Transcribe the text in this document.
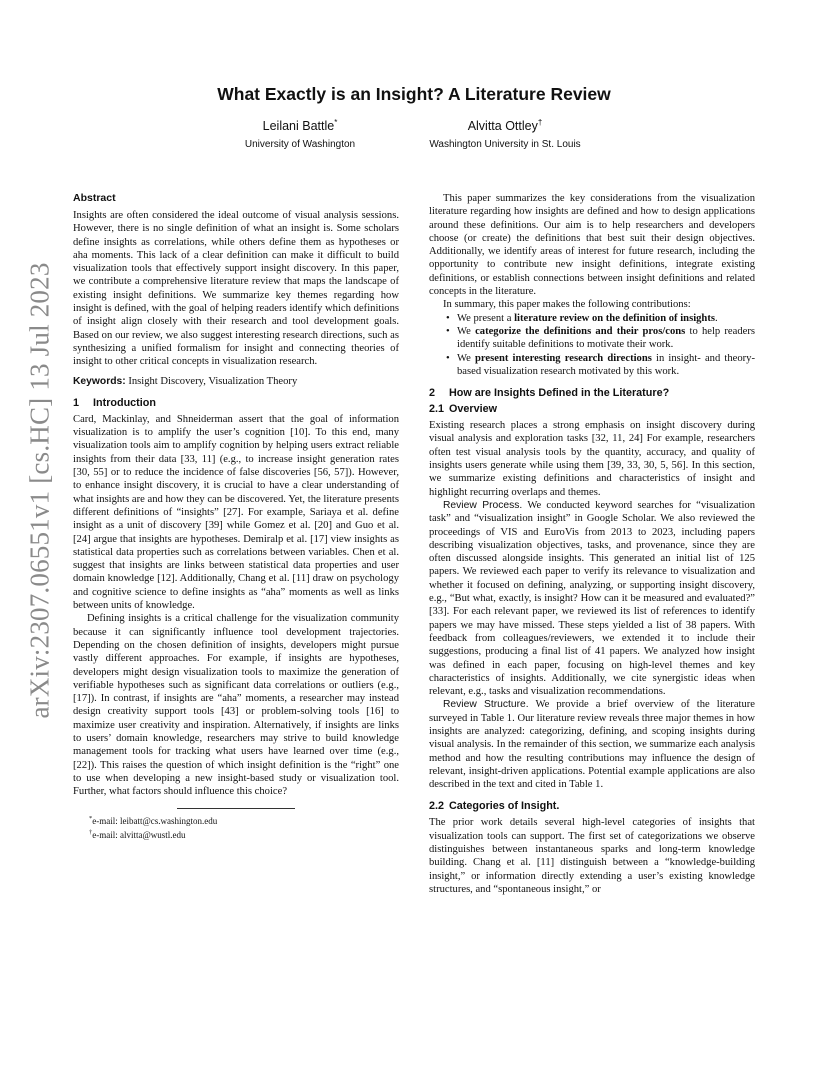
arXiv:2307.06551v1 [cs.HC] 13 Jul 2023
What Exactly is an Insight? A Literature Review
Leilani Battle*
University of Washington
Alvitta Ottley†
Washington University in St. Louis
Abstract

Insights are often considered the ideal outcome of visual analysis sessions. However, there is no single definition of what an insight is. Some scholars define insights as correlations, while others define them as hypotheses or aha moments. This lack of a clear definition can make it difficult to build visualization tools that effectively support insight discovery. In this paper, we contribute a comprehensive literature review that maps the landscape of existing insight definitions. We summarize key themes regarding how insight is defined, with the goal of helping readers identify which definitions of insight align closely with their research and tool development goals. Based on our review, we also suggest interesting research directions, such as synthesizing a unified formalism for insight and connecting theories of insight to other critical concepts in visualization research.

Keywords: Insight Discovery, Visualization Theory

1 Introduction

Card, Mackinlay, and Shneiderman assert that the goal of information visualization is to amplify the user’s cognition [10]. To this end, many visualization tools aim to amplify cognition by helping users extract reliable insights from their data [33, 11] (e.g., to increase insight generation rates [30, 55] or to reduce the incidence of false discoveries [56, 57]). However, to enhance insight discovery, it is crucial to have a clear understanding of what insights are and how they can be discovered. Yet, the literature presents different definitions of “insights” [27]. For example, Sariaya et al. define insight as a unit of discovery [39] while Gomez et al. [20] and Guo et al. [24] argue that insights are hypotheses. Demiralp et al. [17] view insights as statistical data properties such as correlations between variables. Chen et al. suggest that insights are links between statistical data properties and user domain knowledge [12]. Additionally, Chang et al. [11] draw on psychology and cognitive science to define insights as “aha” moments as well as links between units of knowledge.

Defining insights is a critical challenge for the visualization community because it can significantly influence tool development trajectories. Depending on the chosen definition of insights, developers might pursue vastly different approaches. For example, if insights are hypotheses, developers might design visualization tools to maximize the generation of verifiable hypotheses such as significant data correlations or outliers (e.g., [17]). In contrast, if insights are “aha” moments, a researcher may instead design creativity support tools [43] or problem-solving tools [16] to maximize user creativity and inspiration. Alternatively, if insights are links to users’ domain knowledge, researchers may strive to build knowledge management tools for tracking what users have learned over time (e.g., [22]). This raises the question of which insight definition is the “right” one to use when developing a new insight-based study or visualization tool. Further, what factors should influence this choice?

*e-mail: leibatt@cs.washington.edu
†e-mail: alvitta@wustl.edu

This paper summarizes the key considerations from the visualization literature regarding how insights are defined and how to design applications around these definitions. Our aim is to help researchers and developers choose (or create) the definitions that best suit their design objectives. Additionally, we identify areas of interest for future research, including the opportunity to contribute new insight definitions, integrate existing definitions, or establish connections between insight definitions and related concepts in the literature.

In summary, this paper makes the following contributions:

• We present a literature review on the definition of insights.
• We categorize the definitions and their pros/cons to help readers identify suitable definitions to motivate their work.
• We present interesting research directions in insight- and theory-based visualization research motivated by this work.
2 How are Insights Defined in the Literature?
2.1 Overview

Existing research places a strong emphasis on insight discovery during visual analysis and exploration tasks [32, 11, 24] For example, researchers often test visual analysis tools by the quantity, accuracy, and quality of insights users generate while using them [39, 33, 30, 5, 56]. In this section, we summarize existing definitions and characteristics of insight and highlight recurring overlaps and themes.

Review Process. We conducted keyword searches for “visualization task” and “visualization insight” in Google Scholar. We also reviewed the proceedings of VIS and EuroVis from 2013 to 2023, including papers describing visualization objectives, tasks, and provenance, since they are often discussed alongside insights. This generated an initial list of 125 papers. We reviewed each paper to verify its relevance to visualization and whether it focused on defining, analyzing, or supporting insight discovery, e.g., “But what, exactly, is insight? How can it be measured and evaluated?” [33]. For each relevant paper, we reviewed its list of references to identify papers we may have missed. These steps yielded a list of 38 papers. With feedback from colleagues/reviewers, we extended it to include their suggestions, producing a final list of 41 papers. We analyzed how insight was defined in each paper, focusing on high-level themes and key characteristics of insights. Additionally, we cite synergistic ideas when relevant, e.g., tasks and visualization recommendations.

Review Structure. We provide a brief overview of the literature surveyed in Table 1. Our literature review reveals three major themes in how insights are analyzed: categorizing, defining, and scoping insights during visual analysis. In the remainder of this section, we summarize each analysis method and how the resulting contributions may influence the design of relevant, insight-driven applications. Potential example applications are also described in the text and cited in Table 1.

2.2 Categories of Insight.

The prior work details several high-level categories of insights that visualization tools can support. The first set of categorizations we observe distinguishes between instantaneous sparks and long-term knowledge building. Chang et al. [11] distinguish between a “knowledge-building insight,” or information directly extending a user’s existing knowledge structures, and “spontaneous insight,” or
